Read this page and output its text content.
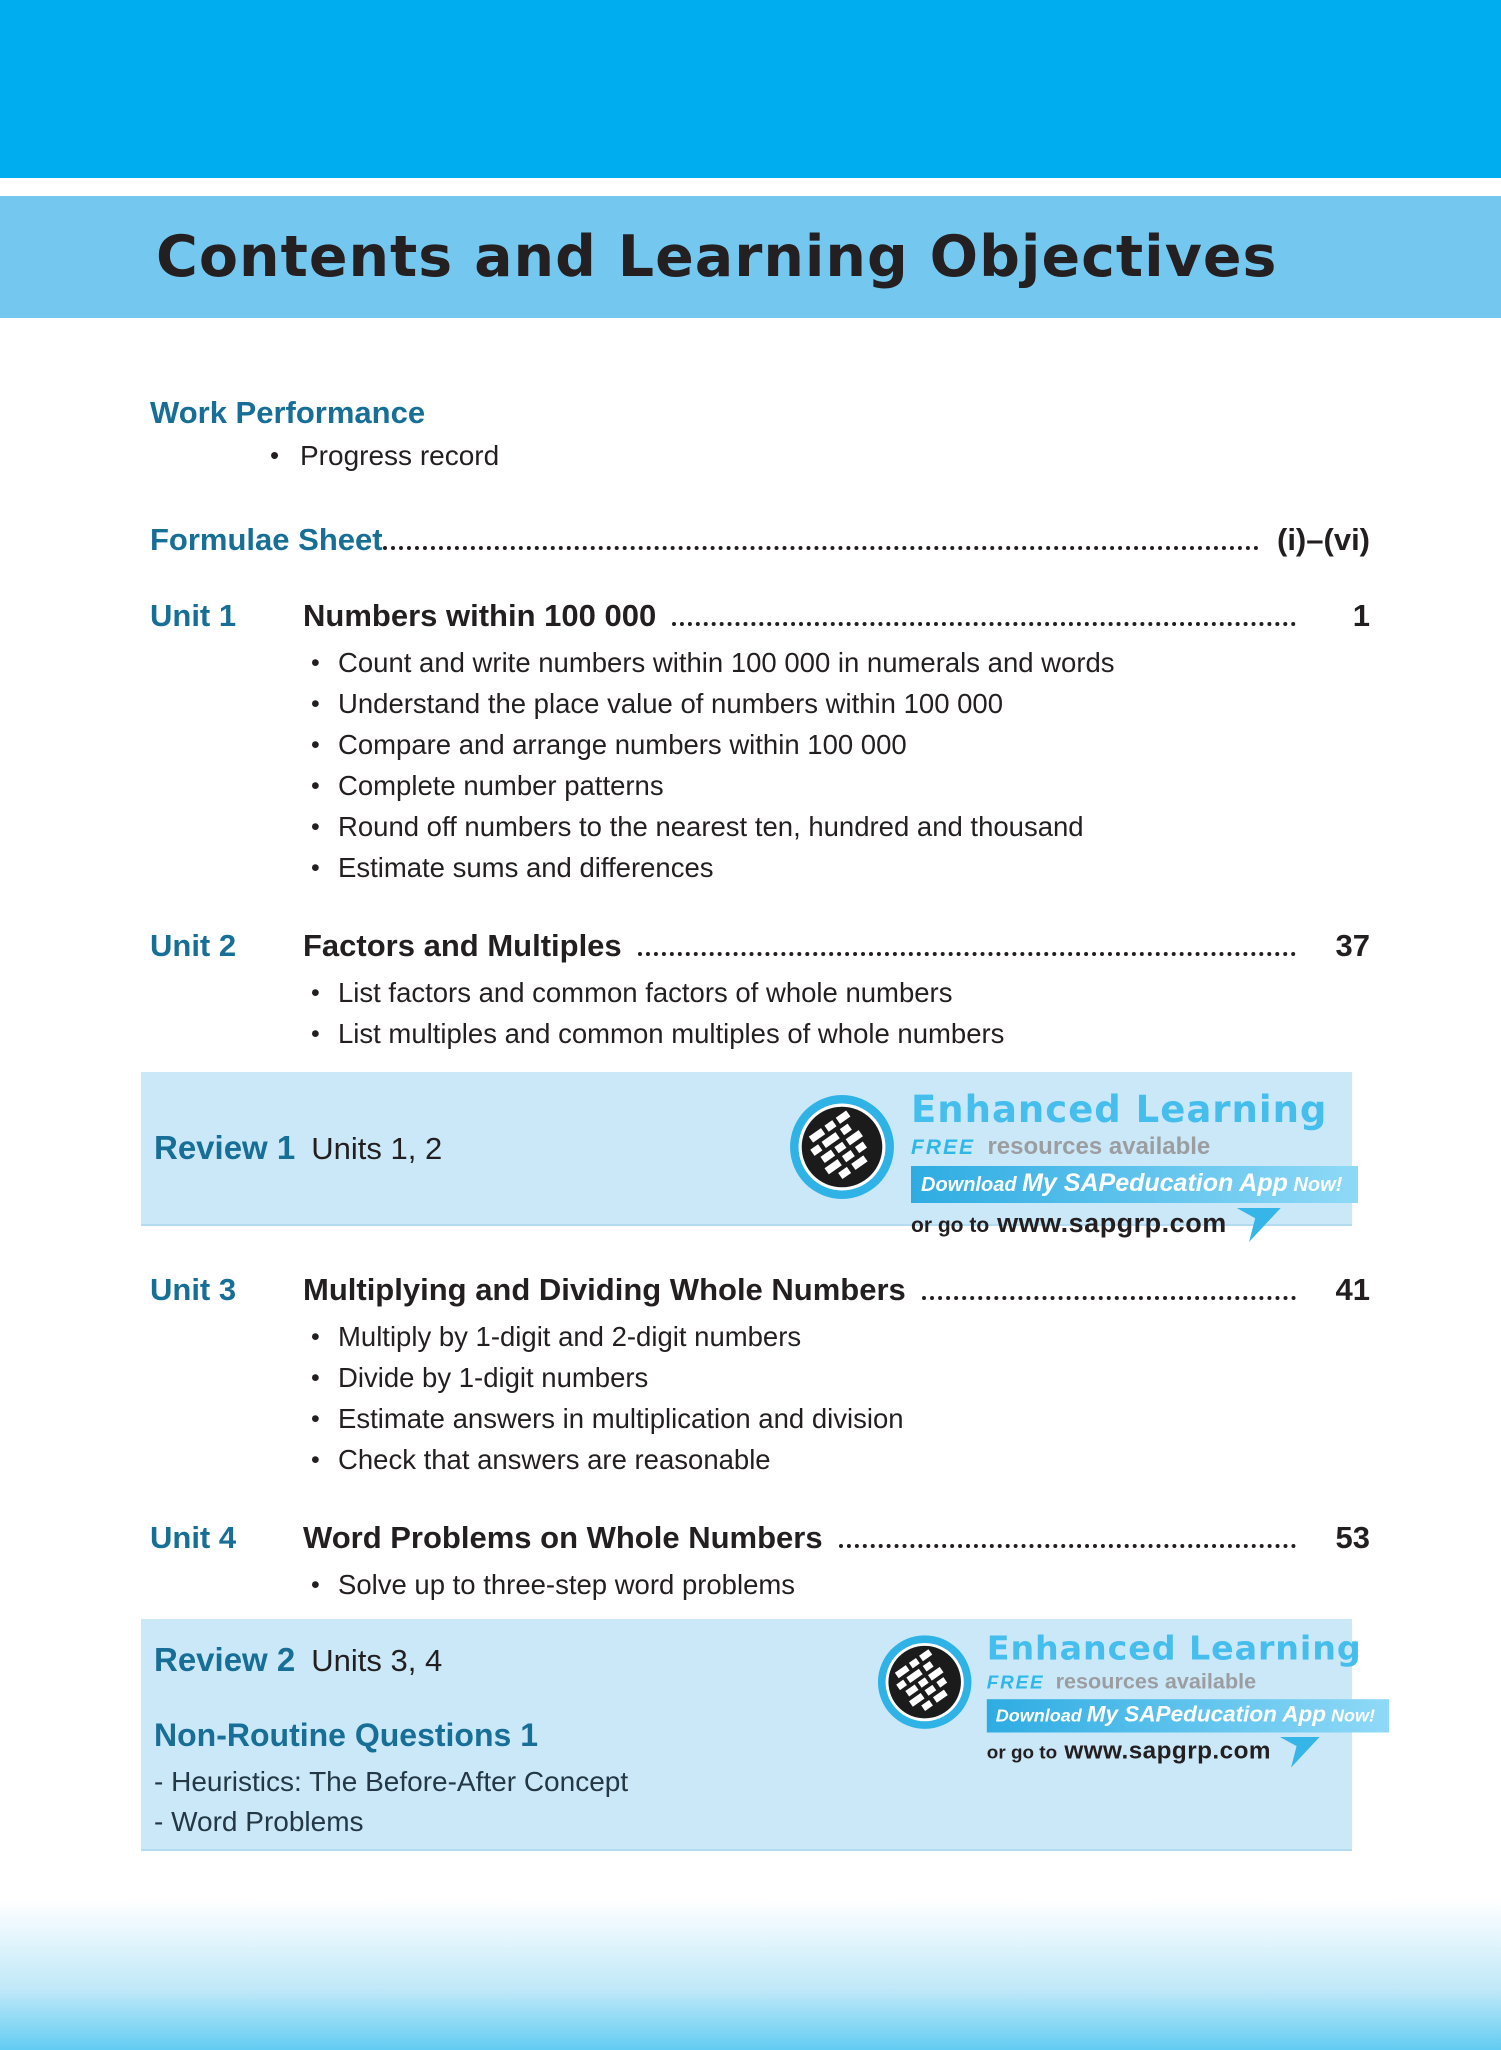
Contents and Learning Objectives
Work Performance
• Progress record
Formulae Sheet	(i)–(vi)
Unit 1	Numbers within 100 000	1
• Count and write numbers within 100 000 in numerals and words
• Understand the place value of numbers within 100 000
• Compare and arrange numbers within 100 000
• Complete number patterns
• Round off numbers to the nearest ten, hundred and thousand
• Estimate sums and differences
Unit 2	Factors and Multiples	37
• List factors and common factors of whole numbers
• List multiples and common multiples of whole numbers
Review 1 Units 1, 2
Enhanced Learning
FREE resources available
Download My SAPeducation App Now!
or go to www.sapgrp.com
Unit 3	Multiplying and Dividing Whole Numbers	41
• Multiply by 1-digit and 2-digit numbers
• Divide by 1-digit numbers
• Estimate answers in multiplication and division
• Check that answers are reasonable
Unit 4	Word Problems on Whole Numbers	53
• Solve up to three-step word problems
Review 2 Units 3, 4
Non-Routine Questions 1
- Heuristics: The Before-After Concept
- Word Problems
Enhanced Learning
FREE resources available
Download My SAPeducation App Now!
or go to www.sapgrp.com
